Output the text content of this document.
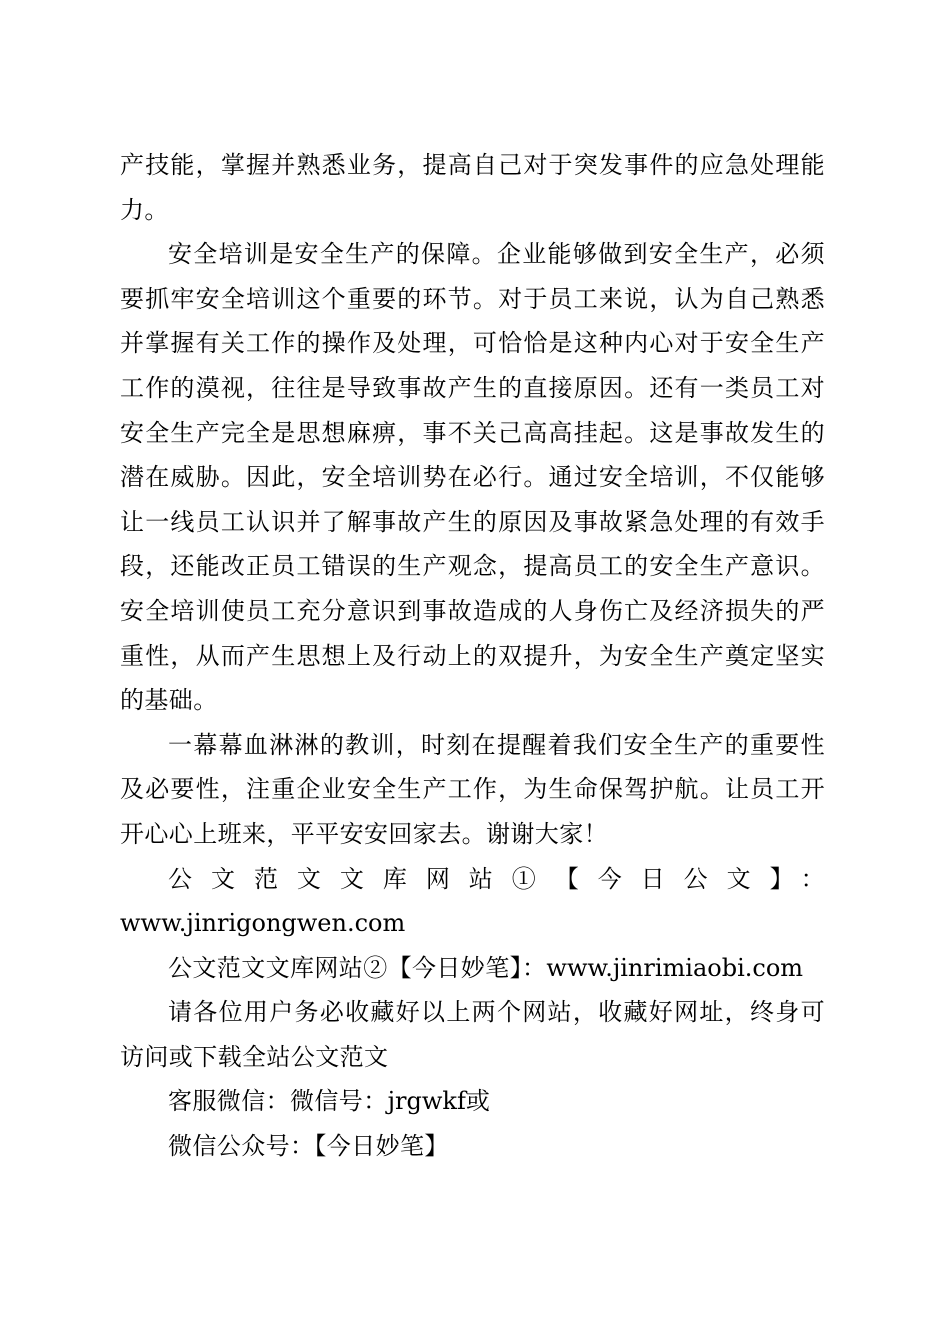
产技能，掌握并熟悉业务，提高自己对于突发事件的应急处理能力。

安全培训是安全生产的保障。企业能够做到安全生产，必须要抓牢安全培训这个重要的环节。对于员工来说，认为自己熟悉并掌握有关工作的操作及处理，可恰恰是这种内心对于安全生产工作的漠视，往往是导致事故产生的直接原因。还有一类员工对安全生产完全是思想麻痹，事不关己高高挂起。这是事故发生的潜在威胁。因此，安全培训势在必行。通过安全培训，不仅能够让一线员工认识并了解事故产生的原因及事故紧急处理的有效手段，还能改正员工错误的生产观念，提高员工的安全生产意识。安全培训使员工充分意识到事故造成的人身伤亡及经济损失的严重性，从而产生思想上及行动上的双提升，为安全生产奠定坚实的基础。

一幕幕血淋淋的教训，时刻在提醒着我们安全生产的重要性及必要性，注重企业安全生产工作，为生命保驾护航。让员工开开心心上班来，平平安安回家去。谢谢大家！

公文范文文库网站①【今日公文】：

www.jinrigongwen.com

公文范文文库网站②【今日妙笔】：www.jinrimiaobi.com

请各位用户务必收藏好以上两个网站，收藏好网址，终身可访问或下载全站公文范文

客服微信：微信号：jrgwkf或

微信公众号：【今日妙笔】
